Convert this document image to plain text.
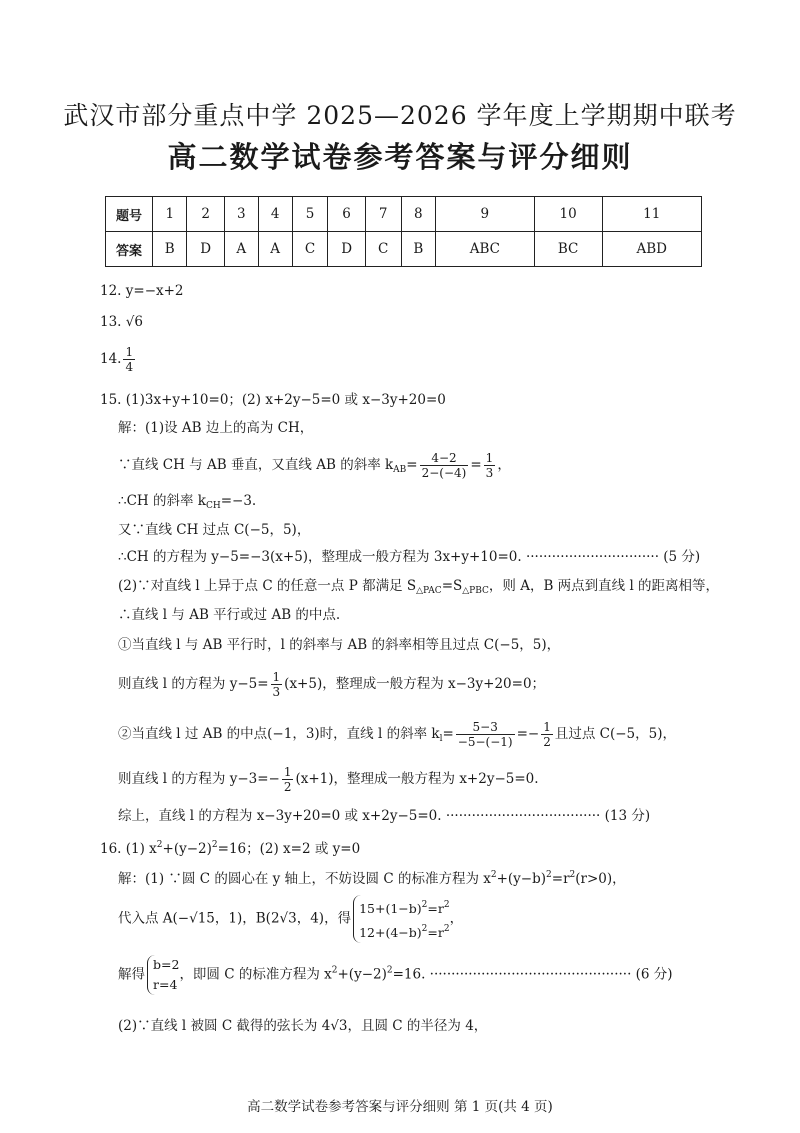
武汉市部分重点中学 2025—2026 学年度上学期期中联考
高二数学试卷参考答案与评分细则
题号	1	2	3	4	5	6	7	8	9	10	11
答案	B	D	A	A	C	D	C	B	ABC	BC	ABD
12. y=−x+2
13. √6
14. $\frac{1}{4}$
15. (1)3x+y+10=0；(2) x+2y−5=0 或 x−3y+20=0
解：(1)设 AB 边上的高为 CH，
∵直线 CH 与 AB 垂直，又直线 AB 的斜率 $k_{AB}= \frac{4-2}{2-(-4)} = \frac{1}{3}$ ，
∴CH 的斜率 $k_{CH}=-3$.
又∵直线 CH 过点 C(−5，5)，
∴CH 的方程为 y−5=−3(x+5)，整理成一般方程为 3x+y+10=0. ······························· (5 分)
(2)∵对直线 l 上异于点 C 的任意一点 P 都满足 $S_{\triangle PAC}=S_{\triangle PBC}$，则 A，B 两点到直线 l 的距离相等，
∴直线 l 与 AB 平行或过 AB 的中点.
①当直线 l 与 AB 平行时，l 的斜率与 AB 的斜率相等且过点 C(−5，5)，
则直线 l 的方程为 $y-5= \frac{1}{3} (x+5)$，整理成一般方程为 x−3y+20=0；
②当直线 l 过 AB 的中点(−1，3)时，直线 l 的斜率 $k_l= \frac{5-3}{-5-(-1)} =- \frac{1}{2}$ 且过点 C(−5，5)，
则直线 l 的方程为 $y-3=- \frac{1}{2} (x+1)$，整理成一般方程为 x+2y−5=0.
综上，直线 l 的方程为 x−3y+20=0 或 x+2y−5=0. ···································· (13 分)
16. (1) $x^2+(y-2)^2=16$；(2) x=2 或 y=0
解：(1) ∵圆 C 的圆心在 y 轴上，不妨设圆 C 的标准方程为 $x^2+(y-b)^2=r^2(r>0)$，
代入点 A(−√15，1)，B(2√3，4)，得
$15+(1-b)^2=r^2$
$12+(4-b)^2=r^2$
，
解得
b=2
r=4
，即圆 C 的标准方程为 $x^2+(y-2)^2=16$. ··············································· (6 分)
(2)∵直线 l 被圆 C 截得的弦长为 4√3，且圆 C 的半径为 4，
高二数学试卷参考答案与评分细则 第 1 页(共 4 页)
